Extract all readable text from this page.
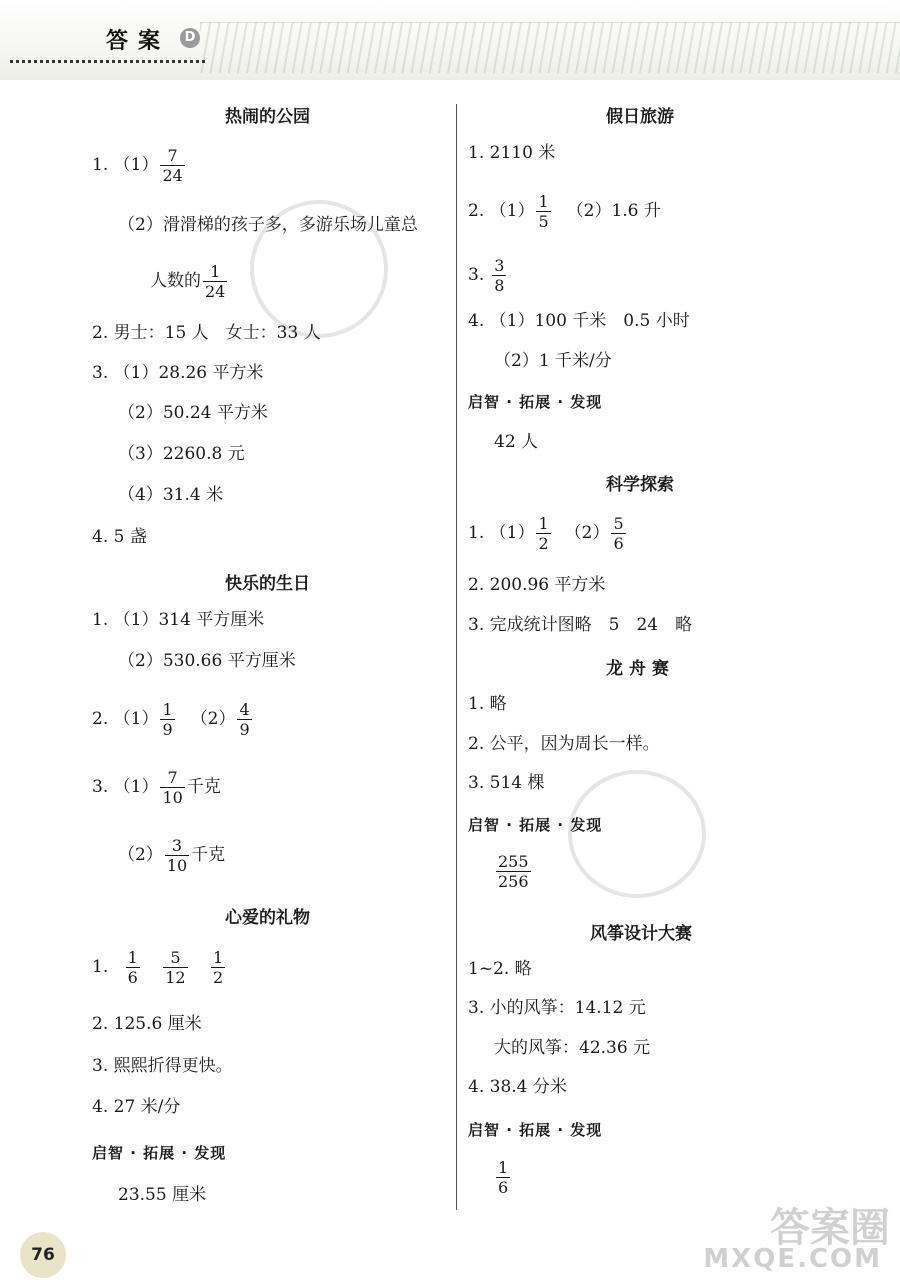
答案	D
热闹的公园
1. $(1) \frac{7}{24}$
（2）滑滑梯的孩子多，多游乐场儿童总
人数的 $\frac{1}{24}$
2. 男士：15 人　女士：33 人
3. （1）28.26 平方米
（2）50.24 平方米
（3）2260.8 元
（4）31.4 米
4. 5 盏
快乐的生日
1. （1）314 平方厘米
（2）530.66 平方厘米
2. $(1) \frac{1}{9} (2) \frac{4}{9}$
3. $(1) \frac{7}{10}$ 千克
$(2) \frac{3}{10}$ 千克
心爱的礼物
1. $\frac{1}{6}$
$\frac{5}{12}$
$\frac{1}{2}$
2. 125.6 厘米
3. 熙熙折得更快。
4. 27 米/分
启智 · 拓展 · 发现
23.55 厘米
假日旅游
1. 2110 米
2. $(1) \frac{1}{5} (2)1.6$ 升
3. $\frac{3}{8}$
4. （1）100 千米　0.5 小时
（2）1 千米/分
启智 · 拓展 · 发现
42 人
科学探索
1. $(1) \frac{1}{2} (2) \frac{5}{6}$
2. 200.96 平方米
3. 完成统计图略　5　24　略
龙 舟 赛
1. 略
2. 公平，因为周长一样。
3. 514 棵
启智 · 拓展 · 发现
$\frac{255}{256}$
风筝设计大赛
1~2. 略
3. 小的风筝：14.12 元
大的风筝：42.36 元
4. 38.4 分米
启智 · 拓展 · 发现
$\frac{1}{6}$
76
答案圈
MXQE.COM
